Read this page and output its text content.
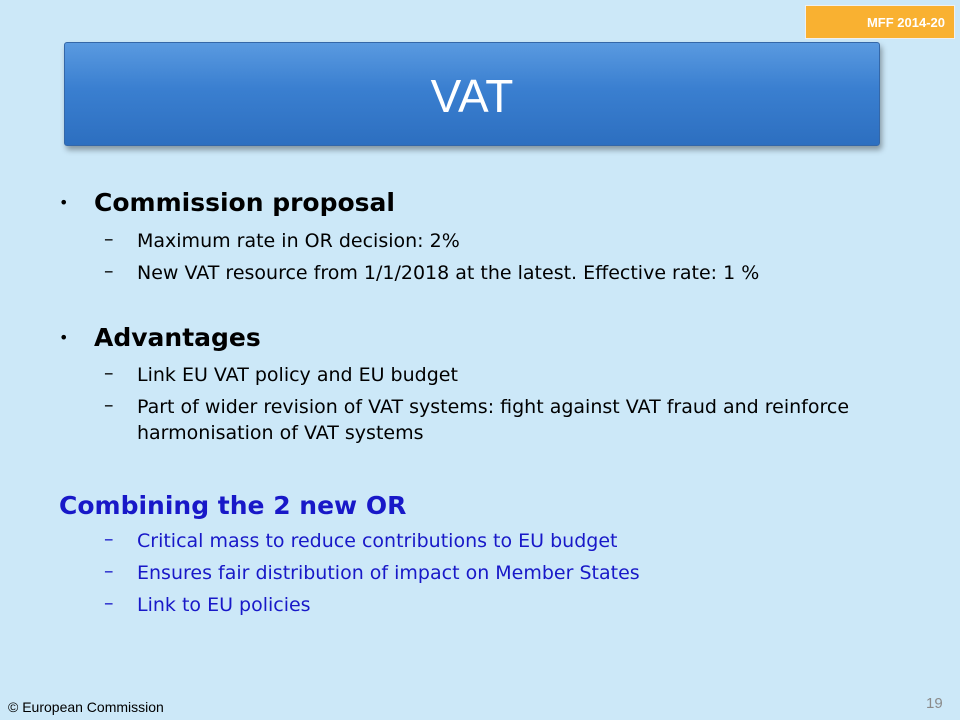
MFF 2014-20
VAT
• Commission proposal
– Maximum rate in OR decision: 2%
– New VAT resource from 1/1/2018 at the latest. Effective rate: 1 %
• Advantages
– Link EU VAT policy and EU budget
– Part of wider revision of VAT systems: fight against VAT fraud and reinforce harmonisation of VAT systems
Combining the 2 new OR
– Critical mass to reduce contributions to EU budget
– Ensures fair distribution of impact on Member States
– Link to EU policies
© European Commission	19
